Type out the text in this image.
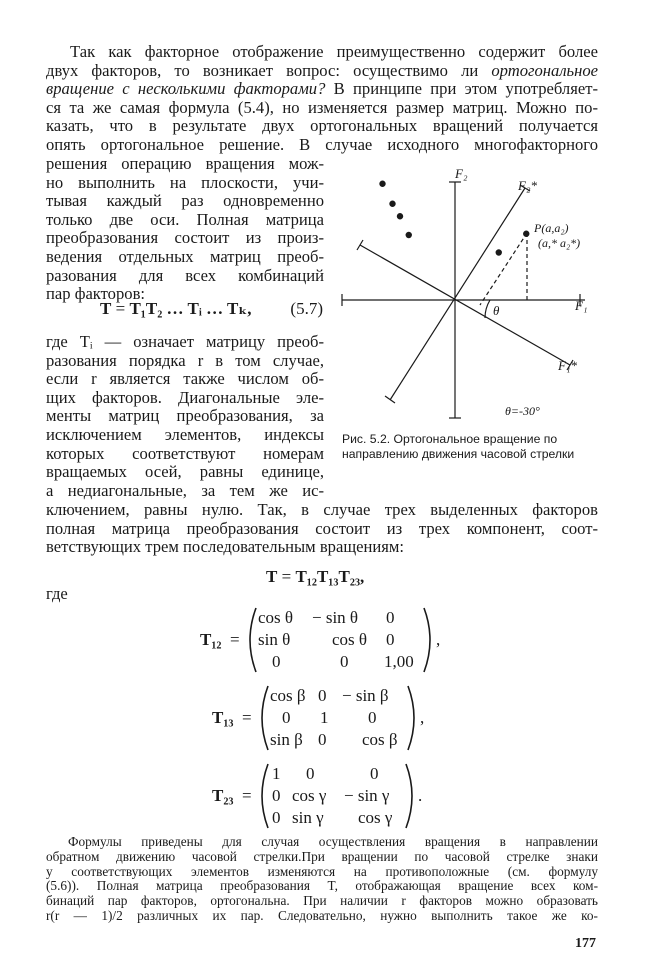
Так как факторное отображение преимущественно содержит более
двух факторов, то возникает вопрос: осуществимо ли ортогональное
вращение с несколькими факторами? В принципе при этом употребляет-
ся та же самая формула (5.4), но изменяется размер матриц. Можно по-
казать, что в результате двух ортогональных вращений получается
опять ортогональное решение. В случае исходного многофакторного
решения операцию вращения мож-
но выполнить на плоскости, учи-
тывая каждый раз одновременно
только две оси. Полная матрица
преобразования состоит из произ-
ведения отдельных матриц преоб-
разования для всех комбинаций
пар факторов:
T = T₁T₂ … Tᵢ … Tₖ, (5.7)
где Tᵢ — означает матрицу преоб-
разования порядка r в том случае,
если r является также числом об-
щих факторов. Диагональные эле-
менты матриц преобразования, за
исключением элементов, индексы
которых соответствуют номерам
вращаемых осей, равны единице,
а недиагональные, за тем же ис-
ключением, равны нулю. Так, в случае трех выделенных факторов
полная матрица преобразования состоит из трех компонент, соот-
ветствующих трем последовательным вращениям:
F₂
F₂*
F₁
F₁*
P(a,a₂)
(a,* a₂*)
θ
θ=-30°
Рис. 5.2. Ортогональное вращение по направлению движения часовой стрелки
T = T₁₂T₁₃T₂₃,
где
T₁₂ =
cos θ − sin θ 0
sin θ cos θ 0
0	0 1,00
,
T₁₃ =
cos β 0 − sin β
0 1 0
sin β 0 cos β
,
T₂₃ =
1 0	0
0 cos γ − sin γ
0 sin γ cos γ
.
Формулы приведены для случая осуществления вращения в направлении
обратном движению часовой стрелки.При вращении по часовой стрелке знаки
у соответствующих элементов изменяются на противоположные (см. формулу
(5.6)). Полная матрица преобразования T, отображающая вращение всех ком-
бинаций пар факторов, ортогональна. При наличии r факторов можно образовать
r(r — 1)/2 различных их пар. Следовательно, нужно выполнить такое же ко-
177
